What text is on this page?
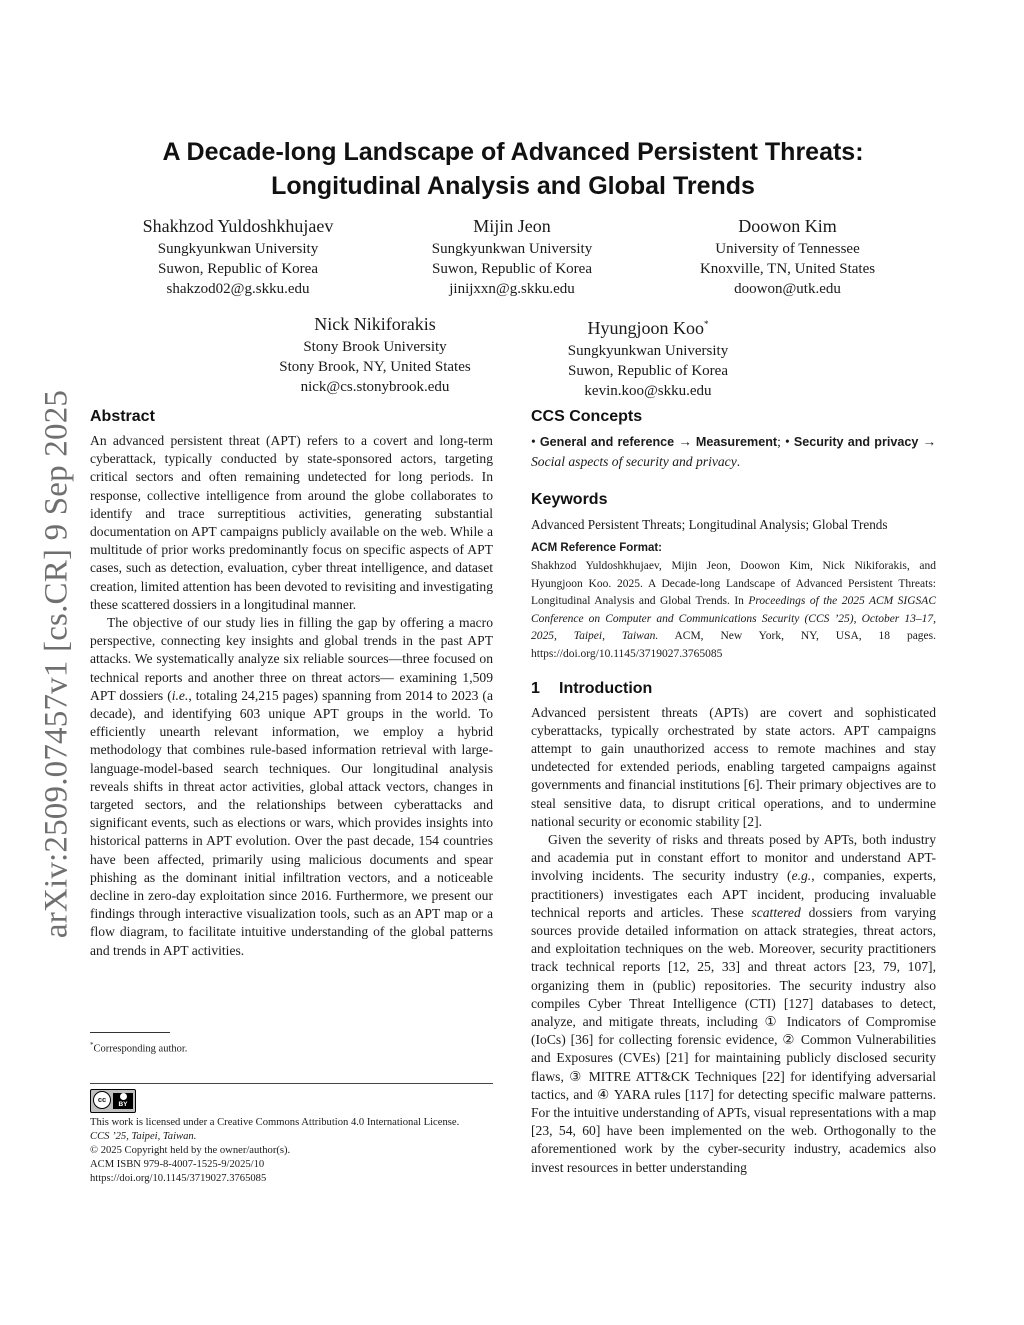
arXiv:2509.07457v1 [cs.CR] 9 Sep 2025
A Decade-long Landscape of Advanced Persistent Threats:
Longitudinal Analysis and Global Trends
Shakhzod Yuldoshkhujaev
Sungkyunkwan University
Suwon, Republic of Korea
shakzod02@g.skku.edu
Mijin Jeon
Sungkyunkwan University
Suwon, Republic of Korea
jinijxxn@g.skku.edu
Doowon Kim
University of Tennessee
Knoxville, TN, United States
doowon@utk.edu
Nick Nikiforakis
Stony Brook University
Stony Brook, NY, United States
nick@cs.stonybrook.edu
Hyungjoon Koo*
Sungkyunkwan University
Suwon, Republic of Korea
kevin.koo@skku.edu
Abstract

An advanced persistent threat (APT) refers to a covert and long-term cyberattack, typically conducted by state-sponsored actors, targeting critical sectors and often remaining undetected for long periods. In response, collective intelligence from around the globe collaborates to identify and trace surreptitious activities, generating substantial documentation on APT campaigns publicly available on the web. While a multitude of prior works predominantly focus on specific aspects of APT cases, such as detection, evaluation, cyber threat intelligence, and dataset creation, limited attention has been devoted to revisiting and investigating these scattered dossiers in a longitudinal manner.

The objective of our study lies in filling the gap by offering a macro perspective, connecting key insights and global trends in the past APT attacks. We systematically analyze six reliable sources—three focused on technical reports and another three on threat actors— examining 1,509 APT dossiers (i.e., totaling 24,215 pages) spanning from 2014 to 2023 (a decade), and identifying 603 unique APT groups in the world. To efficiently unearth relevant information, we employ a hybrid methodology that combines rule-based information retrieval with large-language-model-based search techniques. Our longitudinal analysis reveals shifts in threat actor activities, global attack vectors, changes in targeted sectors, and the relationships between cyberattacks and significant events, such as elections or wars, which provides insights into historical patterns in APT evolution. Over the past decade, 154 countries have been affected, primarily using malicious documents and spear phishing as the dominant initial infiltration vectors, and a noticeable decline in zero-day exploitation since 2016. Furthermore, we present our findings through interactive visualization tools, such as an APT map or a flow diagram, to facilitate intuitive understanding of the global patterns and trends in APT activities.

*Corresponding author.
cc
BY
This work is licensed under a Creative Commons Attribution 4.0 International License.
CCS ’25, Taipei, Taiwan.
© 2025 Copyright held by the owner/author(s).
ACM ISBN 979-8-4007-1525-9/2025/10
https://doi.org/10.1145/3719027.3765085
CCS Concepts
• General and reference → Measurement; • Security and privacy → Social aspects of security and privacy.
Keywords
Advanced Persistent Threats; Longitudinal Analysis; Global Trends
ACM Reference Format:
Shakhzod Yuldoshkhujaev, Mijin Jeon, Doowon Kim, Nick Nikiforakis, and Hyungjoon Koo. 2025. A Decade-long Landscape of Advanced Persistent Threats: Longitudinal Analysis and Global Trends. In Proceedings of the 2025 ACM SIGSAC Conference on Computer and Communications Security (CCS ’25), October 13–17, 2025, Taipei, Taiwan. ACM, New York, NY, USA, 18 pages. https://doi.org/10.1145/3719027.3765085
1 Introduction

Advanced persistent threats (APTs) are covert and sophisticated cyberattacks, typically orchestrated by state actors. APT campaigns attempt to gain unauthorized access to remote machines and stay undetected for extended periods, enabling targeted campaigns against governments and financial institutions [6]. Their primary objectives are to steal sensitive data, to disrupt critical operations, and to undermine national security or economic stability [2].

Given the severity of risks and threats posed by APTs, both industry and academia put in constant effort to monitor and understand APT-involving incidents. The security industry (e.g., companies, experts, practitioners) investigates each APT incident, producing invaluable technical reports and articles. These scattered dossiers from varying sources provide detailed information on attack strategies, threat actors, and exploitation techniques on the web. Moreover, security practitioners track technical reports [12, 25, 33] and threat actors [23, 79, 107], organizing them in (public) repositories. The security industry also compiles Cyber Threat Intelligence (CTI) [127] databases to detect, analyze, and mitigate threats, including ① Indicators of Compromise (IoCs) [36] for collecting forensic evidence, ② Common Vulnerabilities and Exposures (CVEs) [21] for maintaining publicly disclosed security flaws, ③ MITRE ATT&CK Techniques [22] for identifying adversarial tactics, and ④ YARA rules [117] for detecting specific malware patterns. For the intuitive understanding of APTs, visual representations with a map [23, 54, 60] have been implemented on the web. Orthogonally to the aforementioned work by the cyber-security industry, academics also invest resources in better understanding
